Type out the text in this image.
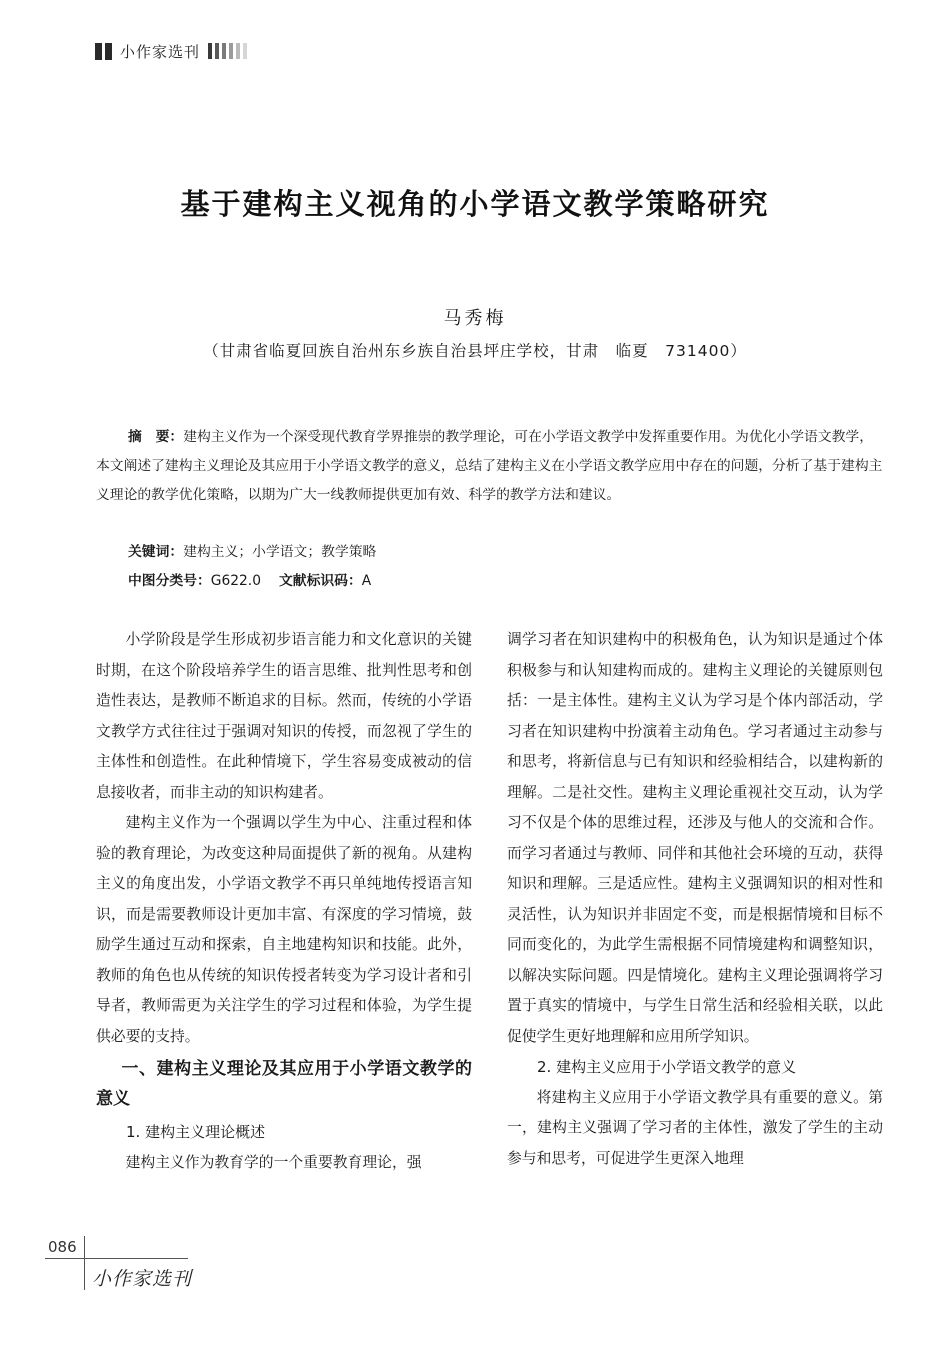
小作家选刊
基于建构主义视角的小学语文教学策略研究
马秀梅
（甘肃省临夏回族自治州东乡族自治县坪庄学校，甘肃　临夏　731400）
摘　要：建构主义作为一个深受现代教育学界推崇的教学理论，可在小学语文教学中发挥重要作用。为优化小学语文教学，本文阐述了建构主义理论及其应用于小学语文教学的意义，总结了建构主义在小学语文教学应用中存在的问题，分析了基于建构主义理论的教学优化策略，以期为广大一线教师提供更加有效、科学的教学方法和建议。
关键词：建构主义；小学语文；教学策略
中图分类号：G622.0 文献标识码：A

小学阶段是学生形成初步语言能力和文化意识的关键时期，在这个阶段培养学生的语言思维、批判性思考和创造性表达，是教师不断追求的目标。然而，传统的小学语文教学方式往往过于强调对知识的传授，而忽视了学生的主体性和创造性。在此种情境下，学生容易变成被动的信息接收者，而非主动的知识构建者。

建构主义作为一个强调以学生为中心、注重过程和体验的教育理论，为改变这种局面提供了新的视角。从建构主义的角度出发，小学语文教学不再只单纯地传授语言知识，而是需要教师设计更加丰富、有深度的学习情境，鼓励学生通过互动和探索，自主地建构知识和技能。此外，教师的角色也从传统的知识传授者转变为学习设计者和引导者，教师需更为关注学生的学习过程和体验，为学生提供必要的支持。

一、建构主义理论及其应用于小学语文教学的意义
1. 建构主义理论概述

建构主义作为教育学的一个重要教育理论，强

调学习者在知识建构中的积极角色，认为知识是通过个体积极参与和认知建构而成的。建构主义理论的关键原则包括：一是主体性。建构主义认为学习是个体内部活动，学习者在知识建构中扮演着主动角色。学习者通过主动参与和思考，将新信息与已有知识和经验相结合，以建构新的理解。二是社交性。建构主义理论重视社交互动，认为学习不仅是个体的思维过程，还涉及与他人的交流和合作。而学习者通过与教师、同伴和其他社会环境的互动，获得知识和理解。三是适应性。建构主义强调知识的相对性和灵活性，认为知识并非固定不变，而是根据情境和目标不同而变化的，为此学生需根据不同情境建构和调整知识，以解决实际问题。四是情境化。建构主义理论强调将学习置于真实的情境中，与学生日常生活和经验相关联，以此促使学生更好地理解和应用所学知识。

2. 建构主义应用于小学语文教学的意义

将建构主义应用于小学语文教学具有重要的意义。第一，建构主义强调了学习者的主体性，激发了学生的主动参与和思考，可促进学生更深入地理

086
小作家选刊
